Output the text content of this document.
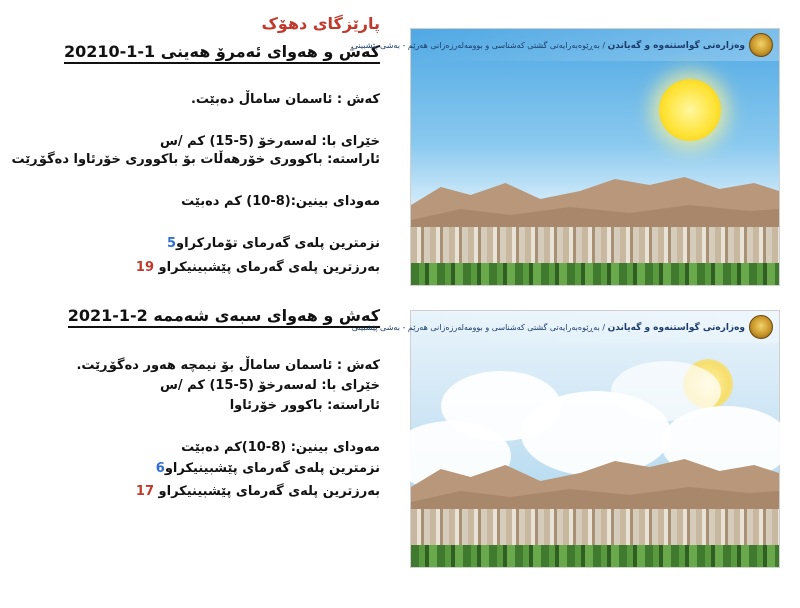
پارێزگای دهۆک
کەش و هەوای ئەمرۆ هەینی 1-1-20210
کەش : ئاسمان ساماڵ دەبێت.
خێرای با: لەسەرخۆ (5-15) کم /س
ئاراستە: باکووری خۆرهەڵات بۆ باکووری خۆرئاوا دەگۆڕێت
مەودای بینین:(8-10) کم دەبێت
نزمترین پلەی گەرمای تۆمارکراو5
بەرزترین پلەی گەرمای پێشبینیکراو 19
کەش و هەوای سبەی شەممە 2-1-2021
کەش : ئاسمان ساماڵ بۆ نیمچە هەور دەگۆڕێت.
خێرای با: لەسەرخۆ (5-15) کم /س
ئاراستە: باکوور خۆرئاوا
مەودای بینین: (8-10)کم دەبێت
نزمترین پلەی گەرمای پێشبینیکراو6
بەرزترین پلەی گەرمای پێشبینیکراو 17
وەزارەتی گواستنەوە و گەیاندن / بەڕێوەبەرایەتی گشتی کەشناسی و بوومەلەرزەزانی هەرێم - بەشی پێشبینی
وەزارەتی گواستنەوە و گەیاندن / بەڕێوەبەرایەتی گشتی کەشناسی و بوومەلەرزەزانی هەرێم - بەشی پێشبینی
